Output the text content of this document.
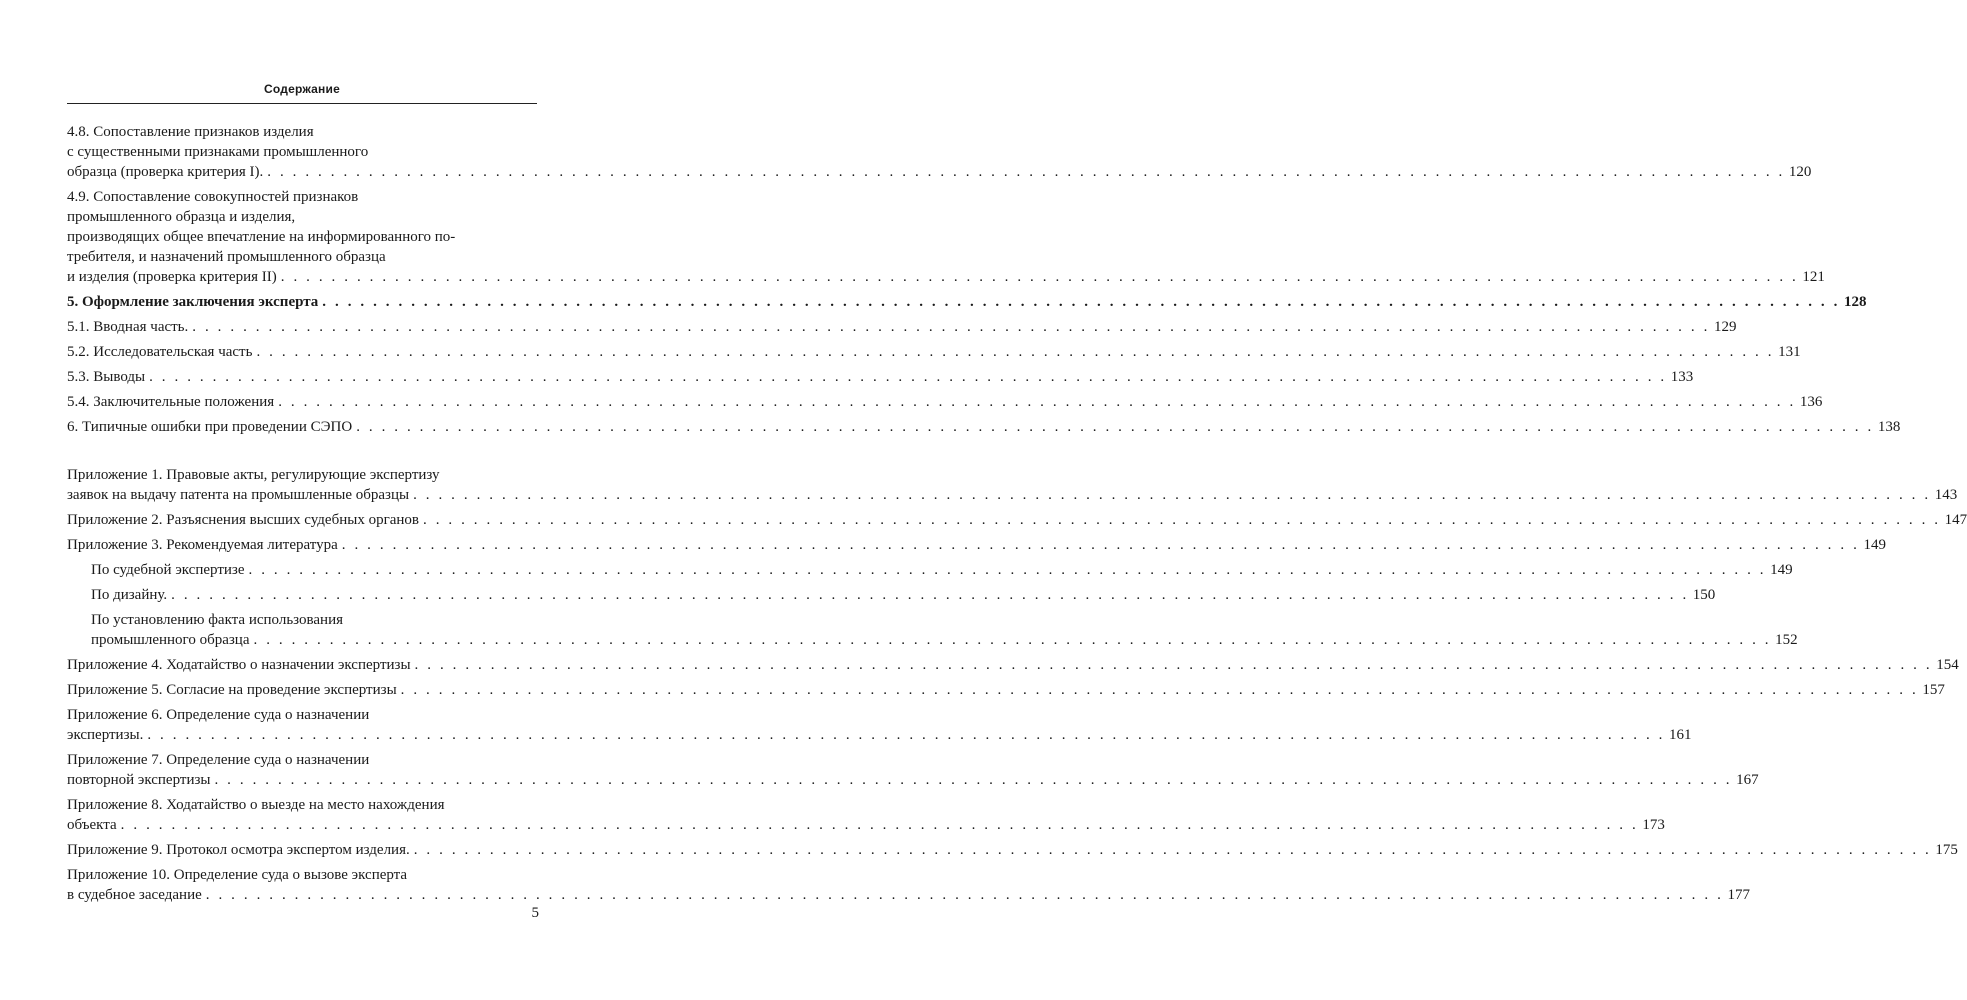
Содержание
4.8. Сопоставление признаков изделия
с существенными признаками промышленного
образца (проверка критерия I). . . . . . . . . . . . . . . . . . . . . . . . . . . . . . . . . . . . . . . . . . . . . . . . . . . . . . . . . . . . . . . . . . . . . . . . . . . . . . . . . . . . . . . . . . . . . . . . . . . . . . . . . . . . . . . . . . . . . . . . . 120
4.9. Сопоставление совокупностей признаков
промышленного образца и изделия,
производящих общее впечатление на информированного по-
требителя, и назначений промышленного образца
и изделия (проверка критерия II) . . . . . . . . . . . . . . . . . . . . . . . . . . . . . . . . . . . . . . . . . . . . . . . . . . . . . . . . . . . . . . . . . . . . . . . . . . . . . . . . . . . . . . . . . . . . . . . . . . . . . . . . . . . . . . . . . . . . . . . . 121
5. Оформление заключения эксперта . . . . . . . . . . . . . . . . . . . . . . . . . . . . . . . . . . . . . . . . . . . . . . . . . . . . . . . . . . . . . . . . . . . . . . . . . . . . . . . . . . . . . . . . . . . . . . . . . . . . . . . . . . . . . . . . . . . . . . . . 128
5.1. Вводная часть. . . . . . . . . . . . . . . . . . . . . . . . . . . . . . . . . . . . . . . . . . . . . . . . . . . . . . . . . . . . . . . . . . . . . . . . . . . . . . . . . . . . . . . . . . . . . . . . . . . . . . . . . . . . . . . . . . . . . . . . . 129
5.2. Исследовательская часть . . . . . . . . . . . . . . . . . . . . . . . . . . . . . . . . . . . . . . . . . . . . . . . . . . . . . . . . . . . . . . . . . . . . . . . . . . . . . . . . . . . . . . . . . . . . . . . . . . . . . . . . . . . . . . . . . . . . . . . . 131
5.3. Выводы . . . . . . . . . . . . . . . . . . . . . . . . . . . . . . . . . . . . . . . . . . . . . . . . . . . . . . . . . . . . . . . . . . . . . . . . . . . . . . . . . . . . . . . . . . . . . . . . . . . . . . . . . . . . . . . . . . . . . . . . 133
5.4. Заключительные положения . . . . . . . . . . . . . . . . . . . . . . . . . . . . . . . . . . . . . . . . . . . . . . . . . . . . . . . . . . . . . . . . . . . . . . . . . . . . . . . . . . . . . . . . . . . . . . . . . . . . . . . . . . . . . . . . . . . . . . . . 136
6. Типичные ошибки при проведении СЭПО . . . . . . . . . . . . . . . . . . . . . . . . . . . . . . . . . . . . . . . . . . . . . . . . . . . . . . . . . . . . . . . . . . . . . . . . . . . . . . . . . . . . . . . . . . . . . . . . . . . . . . . . . . . . . . . . . . . . . . . . 138
Приложение 1. Правовые акты, регулирующие экспертизу
заявок на выдачу патента на промышленные образцы . . . . . . . . . . . . . . . . . . . . . . . . . . . . . . . . . . . . . . . . . . . . . . . . . . . . . . . . . . . . . . . . . . . . . . . . . . . . . . . . . . . . . . . . . . . . . . . . . . . . . . . . . . . . . . . . . . . . . . . . 143
Приложение 2. Разъяснения высших судебных органов . . . . . . . . . . . . . . . . . . . . . . . . . . . . . . . . . . . . . . . . . . . . . . . . . . . . . . . . . . . . . . . . . . . . . . . . . . . . . . . . . . . . . . . . . . . . . . . . . . . . . . . . . . . . . . . . . . . . . . . . 147
Приложение 3. Рекомендуемая литература . . . . . . . . . . . . . . . . . . . . . . . . . . . . . . . . . . . . . . . . . . . . . . . . . . . . . . . . . . . . . . . . . . . . . . . . . . . . . . . . . . . . . . . . . . . . . . . . . . . . . . . . . . . . . . . . . . . . . . . . 149
По судебной экспертизе . . . . . . . . . . . . . . . . . . . . . . . . . . . . . . . . . . . . . . . . . . . . . . . . . . . . . . . . . . . . . . . . . . . . . . . . . . . . . . . . . . . . . . . . . . . . . . . . . . . . . . . . . . . . . . . . . . . . . . . . 149
По дизайну. . . . . . . . . . . . . . . . . . . . . . . . . . . . . . . . . . . . . . . . . . . . . . . . . . . . . . . . . . . . . . . . . . . . . . . . . . . . . . . . . . . . . . . . . . . . . . . . . . . . . . . . . . . . . . . . . . . . . . . . . 150
По установлению факта использования
промышленного образца . . . . . . . . . . . . . . . . . . . . . . . . . . . . . . . . . . . . . . . . . . . . . . . . . . . . . . . . . . . . . . . . . . . . . . . . . . . . . . . . . . . . . . . . . . . . . . . . . . . . . . . . . . . . . . . . . . . . . . . . 152
Приложение 4. Ходатайство о назначении экспертизы . . . . . . . . . . . . . . . . . . . . . . . . . . . . . . . . . . . . . . . . . . . . . . . . . . . . . . . . . . . . . . . . . . . . . . . . . . . . . . . . . . . . . . . . . . . . . . . . . . . . . . . . . . . . . . . . . . . . . . . . 154
Приложение 5. Согласие на проведение экспертизы . . . . . . . . . . . . . . . . . . . . . . . . . . . . . . . . . . . . . . . . . . . . . . . . . . . . . . . . . . . . . . . . . . . . . . . . . . . . . . . . . . . . . . . . . . . . . . . . . . . . . . . . . . . . . . . . . . . . . . . . 157
Приложение 6. Определение суда о назначении
экспертизы. . . . . . . . . . . . . . . . . . . . . . . . . . . . . . . . . . . . . . . . . . . . . . . . . . . . . . . . . . . . . . . . . . . . . . . . . . . . . . . . . . . . . . . . . . . . . . . . . . . . . . . . . . . . . . . . . . . . . . . . . 161
Приложение 7. Определение суда о назначении
повторной экспертизы . . . . . . . . . . . . . . . . . . . . . . . . . . . . . . . . . . . . . . . . . . . . . . . . . . . . . . . . . . . . . . . . . . . . . . . . . . . . . . . . . . . . . . . . . . . . . . . . . . . . . . . . . . . . . . . . . . . . . . . . 167
Приложение 8. Ходатайство о выезде на место нахождения
объекта . . . . . . . . . . . . . . . . . . . . . . . . . . . . . . . . . . . . . . . . . . . . . . . . . . . . . . . . . . . . . . . . . . . . . . . . . . . . . . . . . . . . . . . . . . . . . . . . . . . . . . . . . . . . . . . . . . . . . . . . 173
Приложение 9. Протокол осмотра экспертом изделия. . . . . . . . . . . . . . . . . . . . . . . . . . . . . . . . . . . . . . . . . . . . . . . . . . . . . . . . . . . . . . . . . . . . . . . . . . . . . . . . . . . . . . . . . . . . . . . . . . . . . . . . . . . . . . . . . . . . . . . . . 175
Приложение 10. Определение суда о вызове эксперта
в судебное заседание . . . . . . . . . . . . . . . . . . . . . . . . . . . . . . . . . . . . . . . . . . . . . . . . . . . . . . . . . . . . . . . . . . . . . . . . . . . . . . . . . . . . . . . . . . . . . . . . . . . . . . . . . . . . . . . . . . . . . . . . 177
5
